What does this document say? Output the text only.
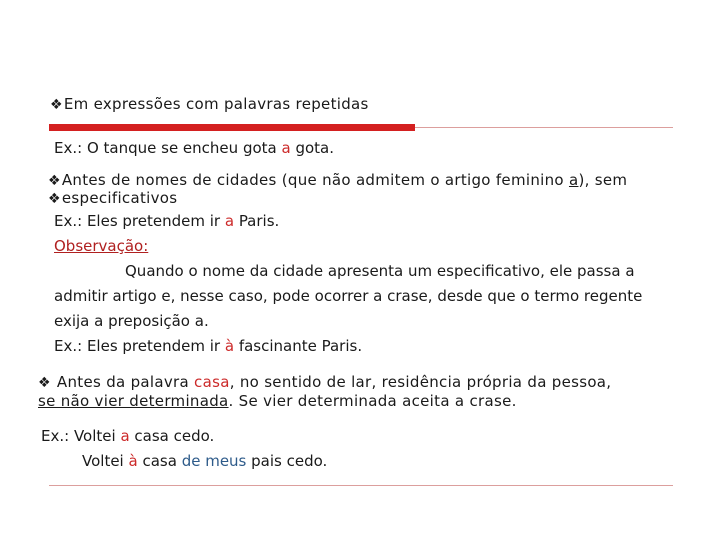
❖Em expressões com palavras repetidas
Ex.: O tanque se encheu gota a gota.
❖Antes de nomes de cidades (que não admitem o artigo feminino a), sem
❖especificativos
Ex.: Eles pretendem ir a Paris.
Observação:
Quando o nome da cidade apresenta um especificativo, ele passa a
admitir artigo e, nesse caso, pode ocorrer a crase, desde que o termo regente
exija a preposição a.
Ex.: Eles pretendem ir à fascinante Paris.
❖ Antes da palavra casa, no sentido de lar, residência própria da pessoa,
se não vier determinada. Se vier determinada aceita a crase.
Ex.: Voltei a casa cedo.
Voltei à casa de meus pais cedo.
